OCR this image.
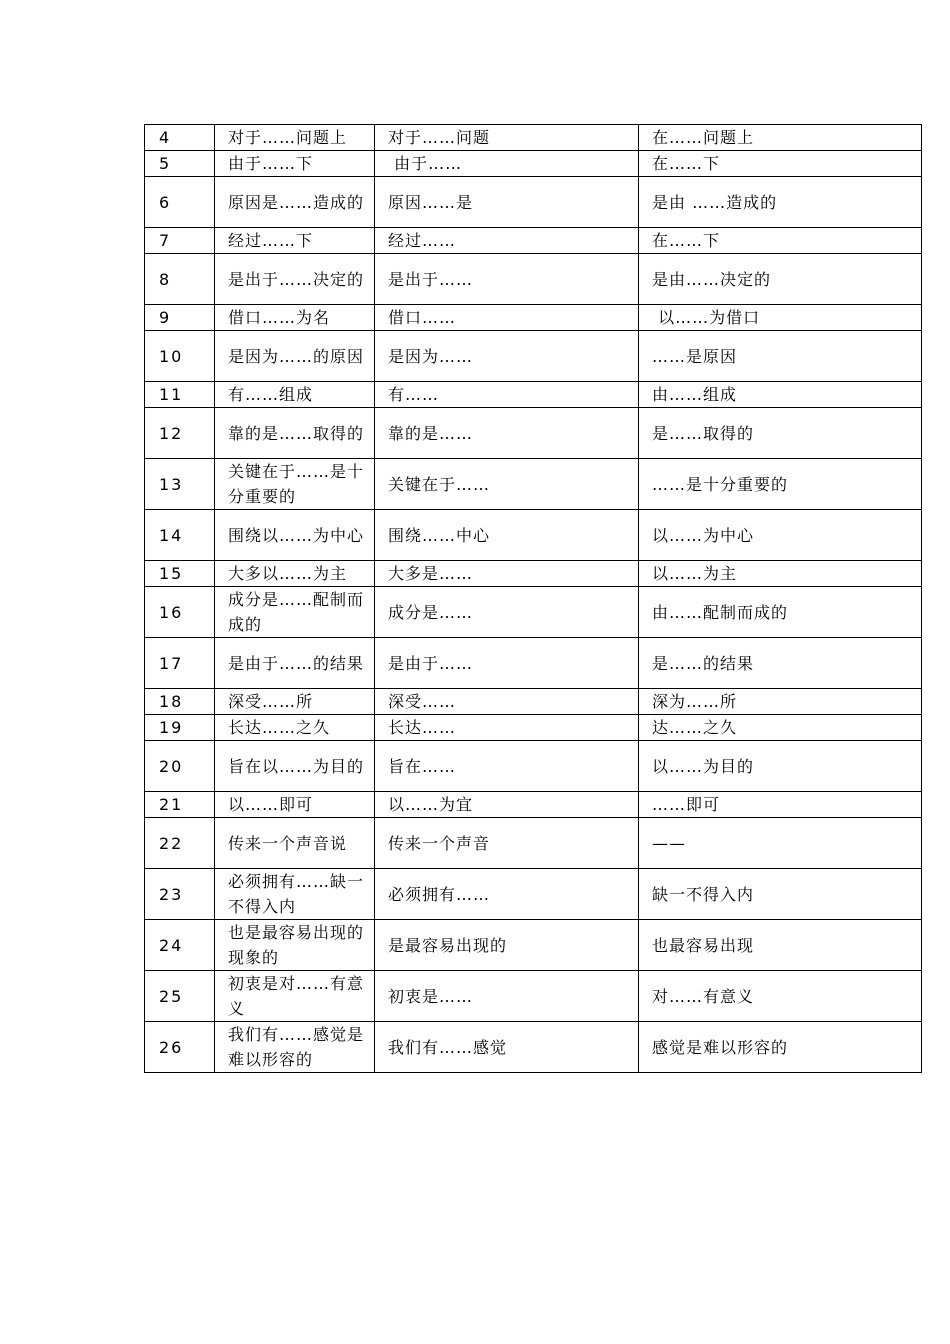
4	对于……问题上	对于……问题	在……问题上
5	由于……下	由于……	在……下
6	原因是……造成的	原因……是	是由 ……造成的
7	经过……下	经过……	在……下
8	是出于……决定的	是出于……	是由……决定的
9	借口……为名	借口……	以……为借口
10	是因为……的原因	是因为……	……是原因
11	有……组成	有……	由……组成
12	靠的是……取得的	靠的是……	是……取得的
13	关键在于……是十分重要的	关键在于……	……是十分重要的
14	围绕以……为中心	围绕……中心	以……为中心
15	大多以……为主	大多是……	以……为主
16	成分是……配制而成的	成分是……	由……配制而成的
17	是由于……的结果	是由于……	是……的结果
18	深受……所	深受……	深为……所
19	长达……之久	长达……	达……之久
20	旨在以……为目的	旨在……	以……为目的
21	以……即可	以……为宜	……即可
22	传来一个声音说	传来一个声音	——
23	必须拥有……缺一不得入内	必须拥有……	缺一不得入内
24	也是最容易出现的现象的	是最容易出现的	也最容易出现
25	初衷是对……有意义	初衷是……	对……有意义
26	我们有……感觉是难以形容的	我们有……感觉	感觉是难以形容的
